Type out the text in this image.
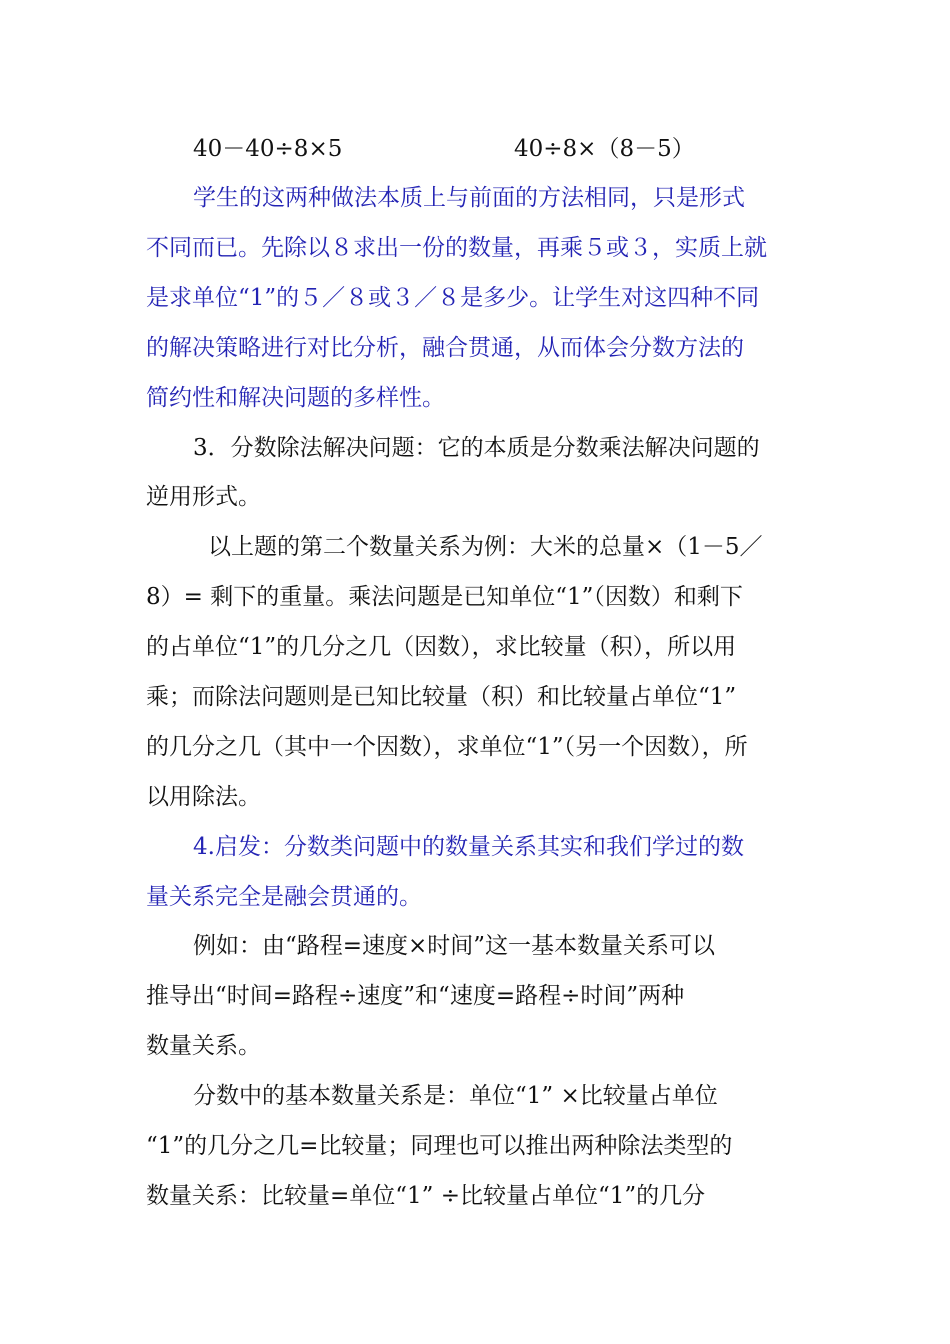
40－40÷8×5	40÷8×（8－5）
学生的这两种做法本质上与前面的方法相同，只是形式
不同而已。先除以８求出一份的数量，再乘５或３，实质上就
是求单位“1”的５／８或３／８是多少。让学生对这四种不同
的解决策略进行对比分析，融合贯通，从而体会分数方法的
简约性和解决问题的多样性。
3．分数除法解决问题：它的本质是分数乘法解决问题的
逆用形式。
以上题的第二个数量关系为例：大米的总量×（1－5／
8）= 剩下的重量。乘法问题是已知单位“1”（因数）和剩下
的占单位“1”的几分之几（因数），求比较量（积），所以用
乘；而除法问题则是已知比较量（积）和比较量占单位“1”
的几分之几（其中一个因数），求单位“1”（另一个因数），所
以用除法。
4.启发：分数类问题中的数量关系其实和我们学过的数
量关系完全是融会贯通的。
例如：由“路程=速度×时间”这一基本数量关系可以
推导出“时间=路程÷速度”和“速度=路程÷时间”两种
数量关系。
分数中的基本数量关系是：单位“1” ×比较量占单位
“1”的几分之几=比较量；同理也可以推出两种除法类型的
数量关系：比较量=单位“1” ÷比较量占单位“1”的几分
